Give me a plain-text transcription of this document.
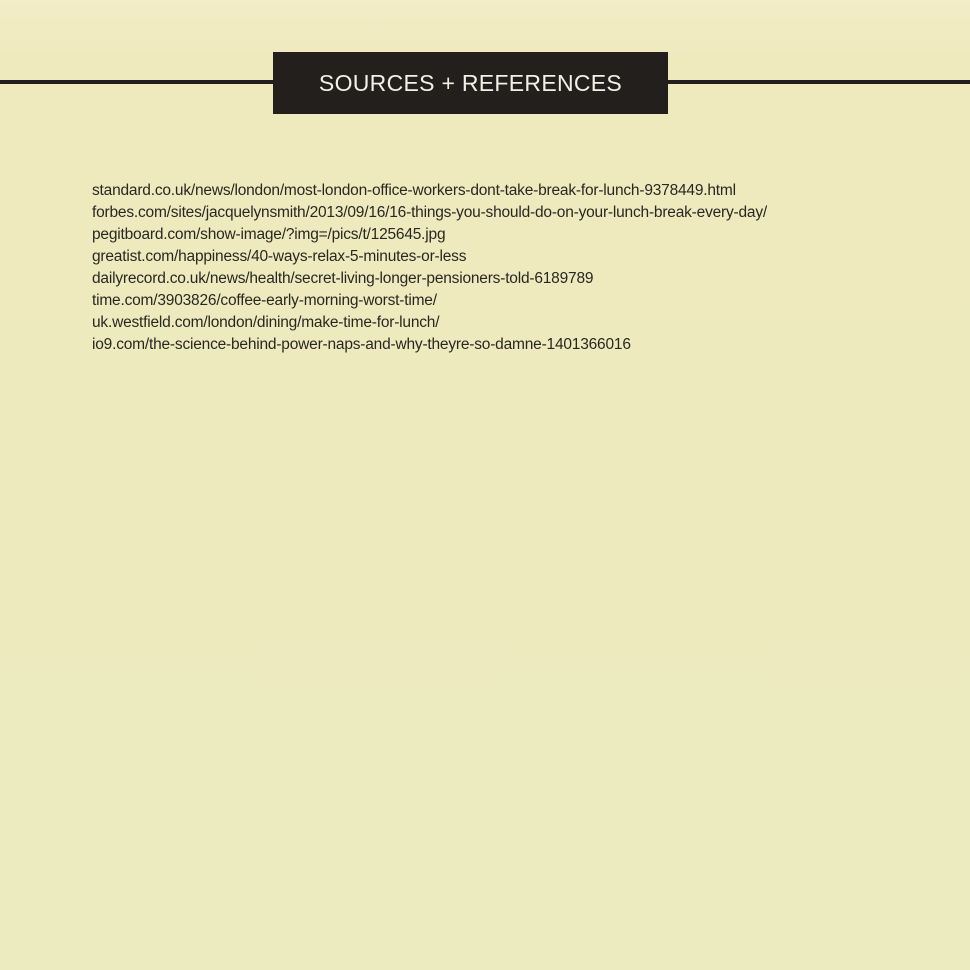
SOURCES + REFERENCES
standard.co.uk/news/london/most-london-office-workers-dont-take-break-for-lunch-9378449.html
forbes.com/sites/jacquelynsmith/2013/09/16/16-things-you-should-do-on-your-lunch-break-every-day/
pegitboard.com/show-image/?img=/pics/t/125645.jpg
greatist.com/happiness/40-ways-relax-5-minutes-or-less
dailyrecord.co.uk/news/health/secret-living-longer-pensioners-told-6189789
time.com/3903826/coffee-early-morning-worst-time/
uk.westfield.com/london/dining/make-time-for-lunch/
io9.com/the-science-behind-power-naps-and-why-theyre-so-damne-1401366016
